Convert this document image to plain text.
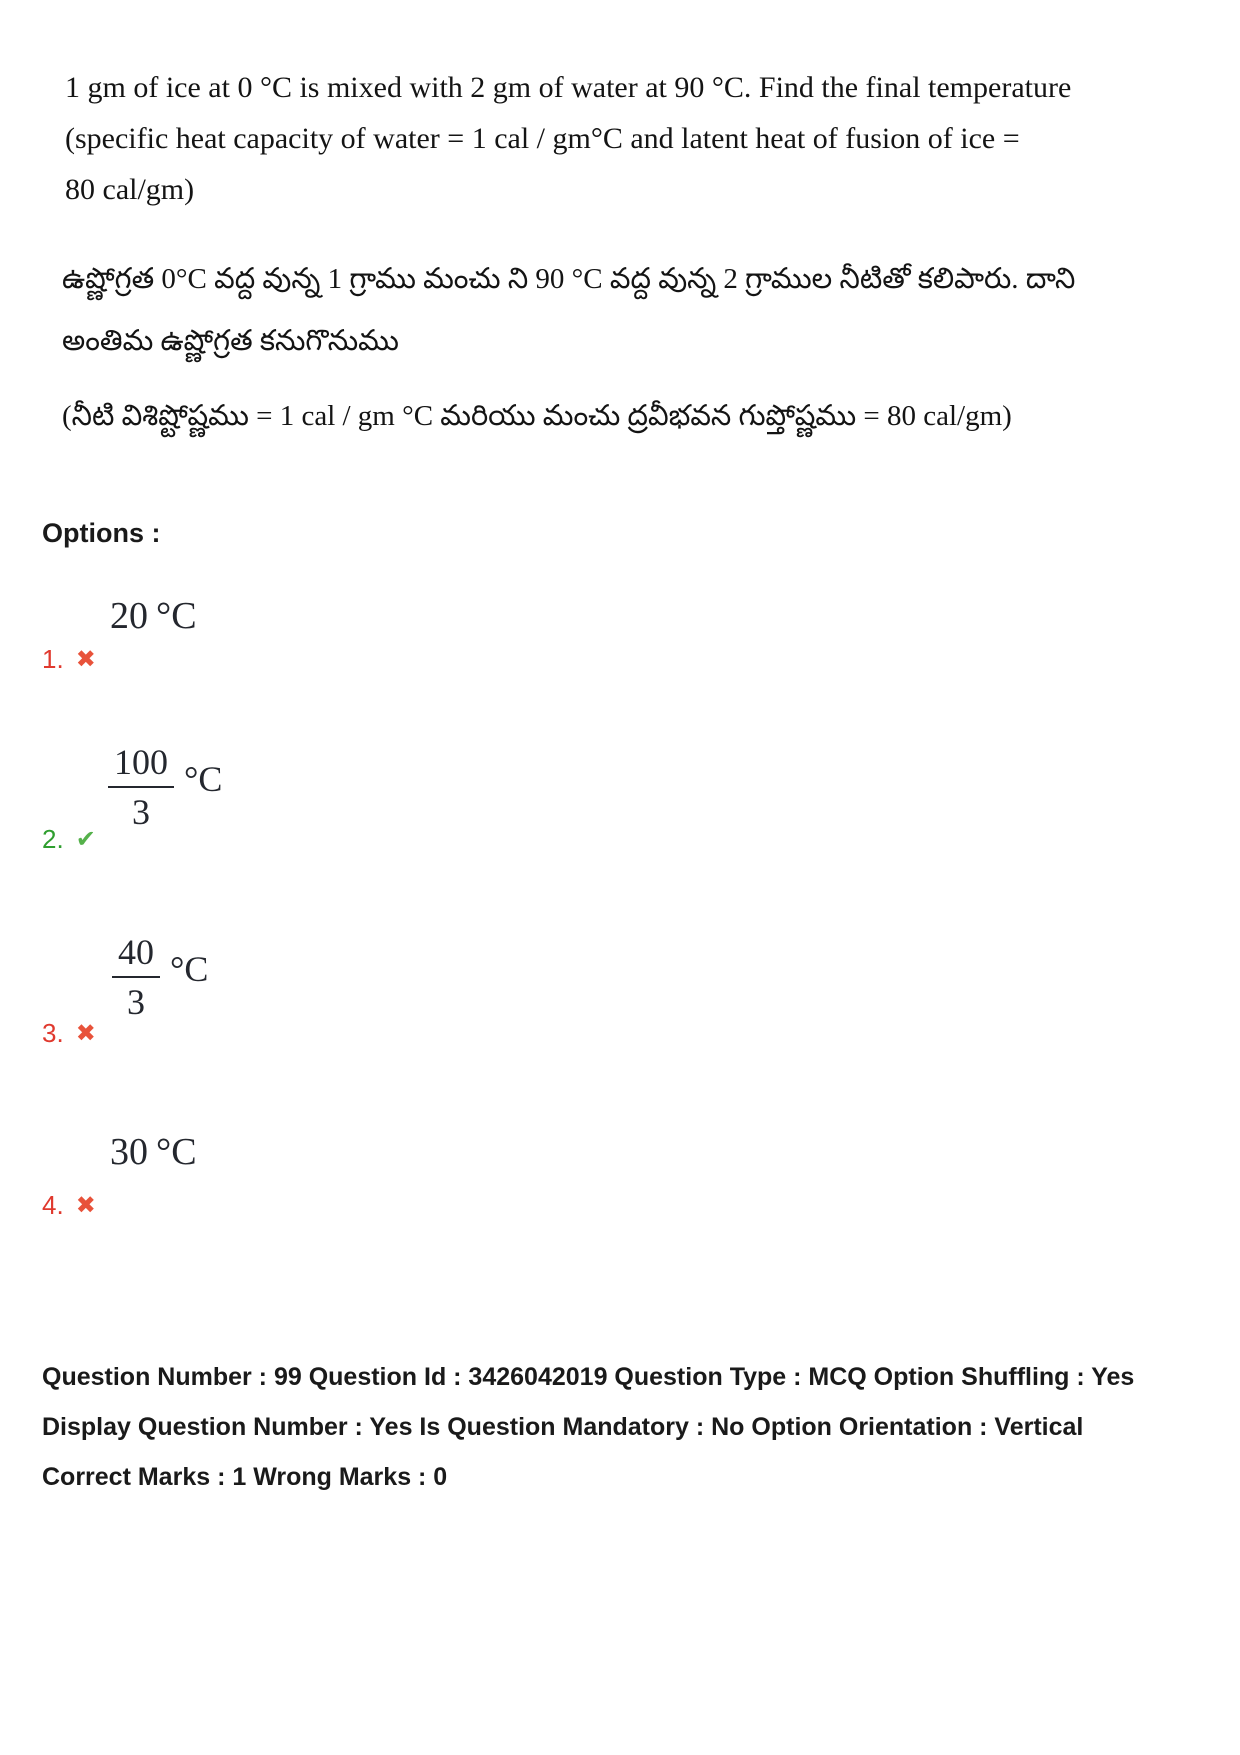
1 gm of ice at 0 °C is mixed with 2 gm of water at 90 °C. Find the final temperature
(specific heat capacity of water = 1 cal / gm°C and latent heat of fusion of ice =
80 cal/gm)
ఉష్ణోగ్రత 0°C వద్ద వున్న 1 గ్రాము మంచు ని 90 °C వద్ద వున్న 2 గ్రాముల నీటితో కలిపారు. దాని
అంతిమ ఉష్ణోగ్రత కనుగొనుము
(నీటి విశిష్టోష్ణము = 1 cal / gm °C మరియు మంచు ద్రవీభవన గుప్తోష్ణము = 80 cal/gm)
Options :
20 °C
1. ✖
$\frac{100}{3} ^\circ C$
2. ✔
$\frac{40}{3} ^\circ C$
3. ✖
30 °C
4. ✖
Question Number : 99 Question Id : 3426042019 Question Type : MCQ Option Shuffling : Yes
Display Question Number : Yes Is Question Mandatory : No Option Orientation : Vertical
Correct Marks : 1 Wrong Marks : 0
